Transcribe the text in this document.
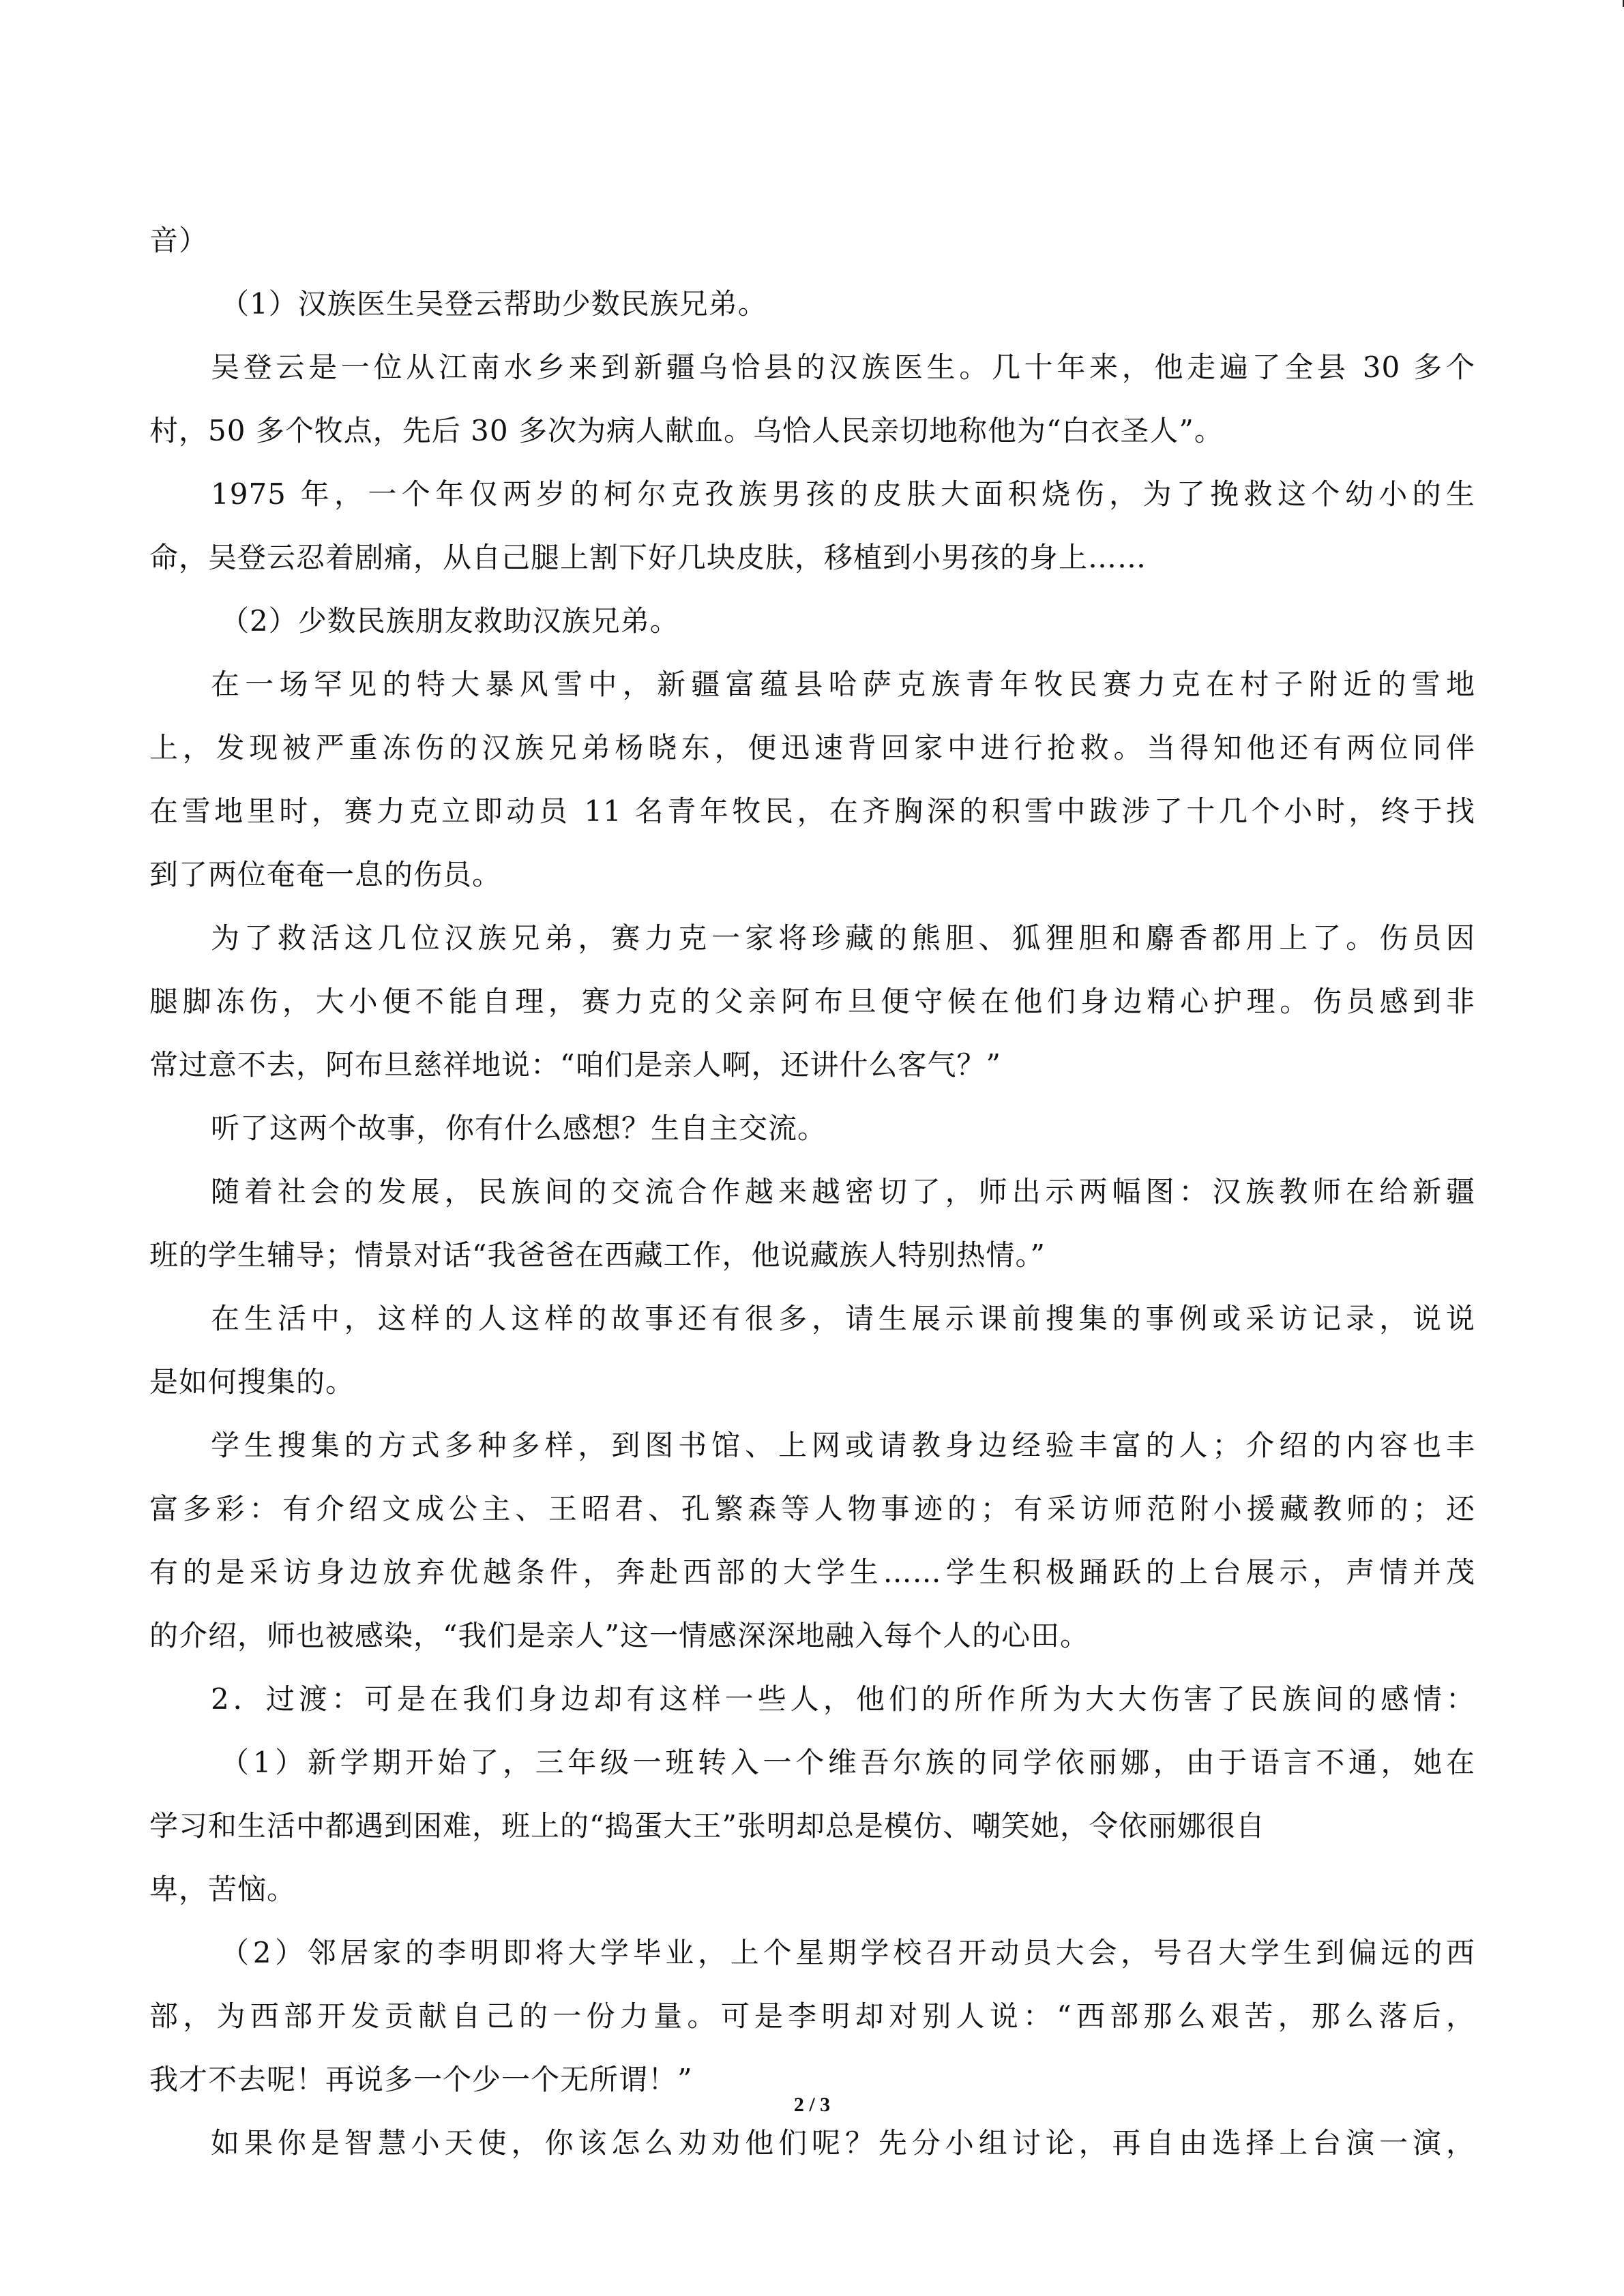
音）
（1）汉族医生吴登云帮助少数民族兄弟。
吴登云是一位从江南水乡来到新疆乌恰县的汉族医生。几十年来，他走遍了全县 30 多个
村，50 多个牧点，先后 30 多次为病人献血。乌恰人民亲切地称他为“白衣圣人”。
1975 年，一个年仅两岁的柯尔克孜族男孩的皮肤大面积烧伤，为了挽救这个幼小的生
命，吴登云忍着剧痛，从自己腿上割下好几块皮肤，移植到小男孩的身上……
（2）少数民族朋友救助汉族兄弟。
在一场罕见的特大暴风雪中，新疆富蕴县哈萨克族青年牧民赛力克在村子附近的雪地
上，发现被严重冻伤的汉族兄弟杨晓东，便迅速背回家中进行抢救。当得知他还有两位同伴
在雪地里时，赛力克立即动员 11 名青年牧民，在齐胸深的积雪中跋涉了十几个小时，终于找
到了两位奄奄一息的伤员。
为了救活这几位汉族兄弟，赛力克一家将珍藏的熊胆、狐狸胆和麝香都用上了。伤员因
腿脚冻伤，大小便不能自理，赛力克的父亲阿布旦便守候在他们身边精心护理。伤员感到非
常过意不去，阿布旦慈祥地说：“咱们是亲人啊，还讲什么客气？”
听了这两个故事，你有什么感想？生自主交流。
随着社会的发展，民族间的交流合作越来越密切了，师出示两幅图：汉族教师在给新疆
班的学生辅导；情景对话“我爸爸在西藏工作，他说藏族人特别热情。”
在生活中，这样的人这样的故事还有很多，请生展示课前搜集的事例或采访记录，说说
是如何搜集的。
学生搜集的方式多种多样，到图书馆、上网或请教身边经验丰富的人；介绍的内容也丰
富多彩：有介绍文成公主、王昭君、孔繁森等人物事迹的；有采访师范附小援藏教师的；还
有的是采访身边放弃优越条件，奔赴西部的大学生……学生积极踊跃的上台展示，声情并茂
的介绍，师也被感染，“我们是亲人”这一情感深深地融入每个人的心田。
2．过渡：可是在我们身边却有这样一些人，他们的所作所为大大伤害了民族间的感情：
（1）新学期开始了，三年级一班转入一个维吾尔族的同学依丽娜，由于语言不通，她在
学习和生活中都遇到困难，班上的“捣蛋大王”张明却总是模仿、嘲笑她，令依丽娜很自
卑，苦恼。
（2）邻居家的李明即将大学毕业，上个星期学校召开动员大会，号召大学生到偏远的西
部，为西部开发贡献自己的一份力量。可是李明却对别人说：“西部那么艰苦，那么落后，
我才不去呢！再说多一个少一个无所谓！”
如果你是智慧小天使，你该怎么劝劝他们呢？先分小组讨论，再自由选择上台演一演，
2 / 3
